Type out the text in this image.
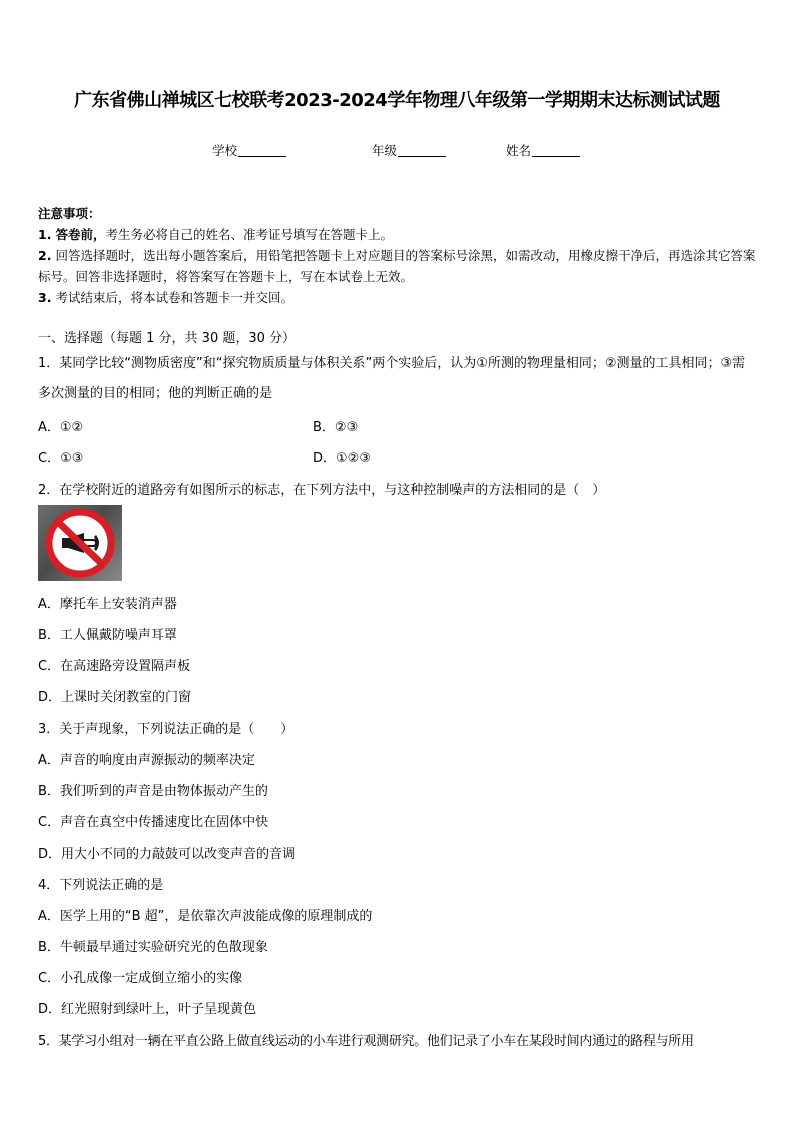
广东省佛山禅城区七校联考2023-2024学年物理八年级第一学期期末达标测试试题
学校	年级	姓名
注意事项：
1. 答卷前，考生务必将自己的姓名、准考证号填写在答题卡上。
2. 回答选择题时，选出每小题答案后，用铅笔把答题卡上对应题目的答案标号涂黑，如需改动，用橡皮擦干净后，再选涂其它答案标号。回答非选择题时，将答案写在答题卡上，写在本试卷上无效。
3. 考试结束后，将本试卷和答题卡一并交回。
一、选择题（每题 1 分，共 30 题，30 分）
1．某同学比较“测物质密度”和“探究物质质量与体积关系”两个实验后，认为①所测的物理量相同；②测量的工具相同；③需多次测量的目的相同；他的判断正确的是
A．①②	B．②③
C．①③	D．①②③
2．在学校附近的道路旁有如图所示的标志，在下列方法中，与这种控制噪声的方法相同的是（　）
A．摩托车上安装消声器
B．工人佩戴防噪声耳罩
C．在高速路旁设置隔声板
D．上课时关闭教室的门窗
3．关于声现象，下列说法正确的是（　　）
A．声音的响度由声源振动的频率决定
B．我们听到的声音是由物体振动产生的
C．声音在真空中传播速度比在固体中快
D．用大小不同的力敲鼓可以改变声音的音调
4．下列说法正确的是
A．医学上用的“B 超”，是依靠次声波能成像的原理制成的
B．牛顿最早通过实验研究光的色散现象
C．小孔成像一定成倒立缩小的实像
D．红光照射到绿叶上，叶子呈现黄色
5．某学习小组对一辆在平直公路上做直线运动的小车进行观测研究。他们记录了小车在某段时间内通过的路程与所用
